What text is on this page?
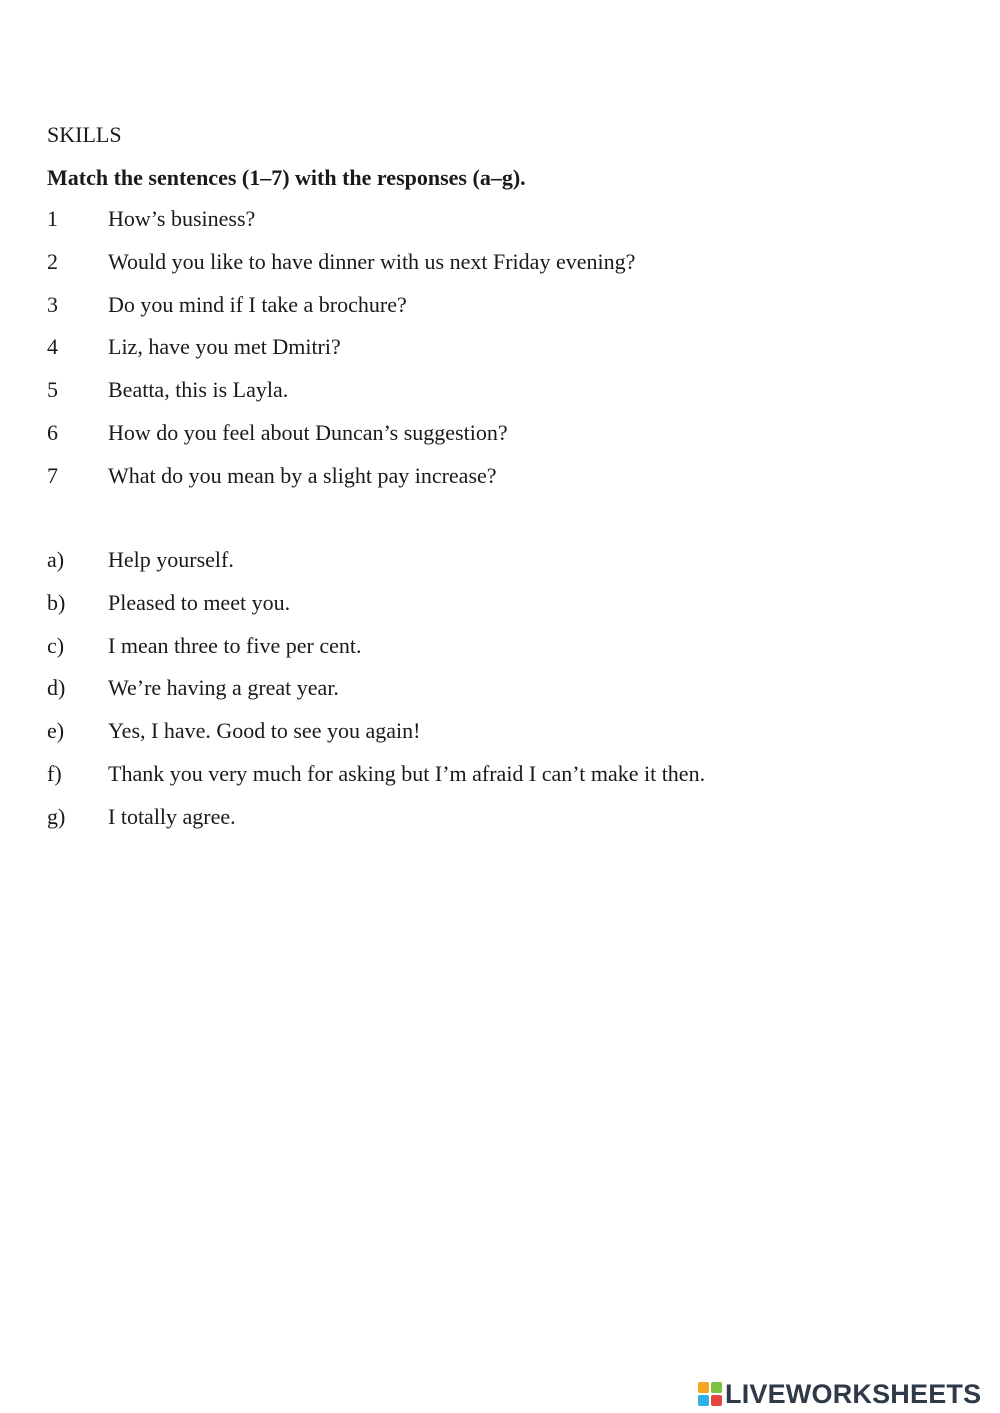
SKILLS
Match the sentences (1–7) with the responses (a–g).
1	How’s business?
2	Would you like to have dinner with us next Friday evening?
3	Do you mind if I take a brochure?
4	Liz, have you met Dmitri?
5	Beatta, this is Layla.
6	How do you feel about Duncan’s suggestion?
7	What do you mean by a slight pay increase?
a)	Help yourself.
b)	Pleased to meet you.
c)	I mean three to five per cent.
d)	We’re having a great year.
e)	Yes, I have. Good to see you again!
f)	Thank you very much for asking but I’m afraid I can’t make it then.
g)	I totally agree.
LIVEWORKSHEETS
